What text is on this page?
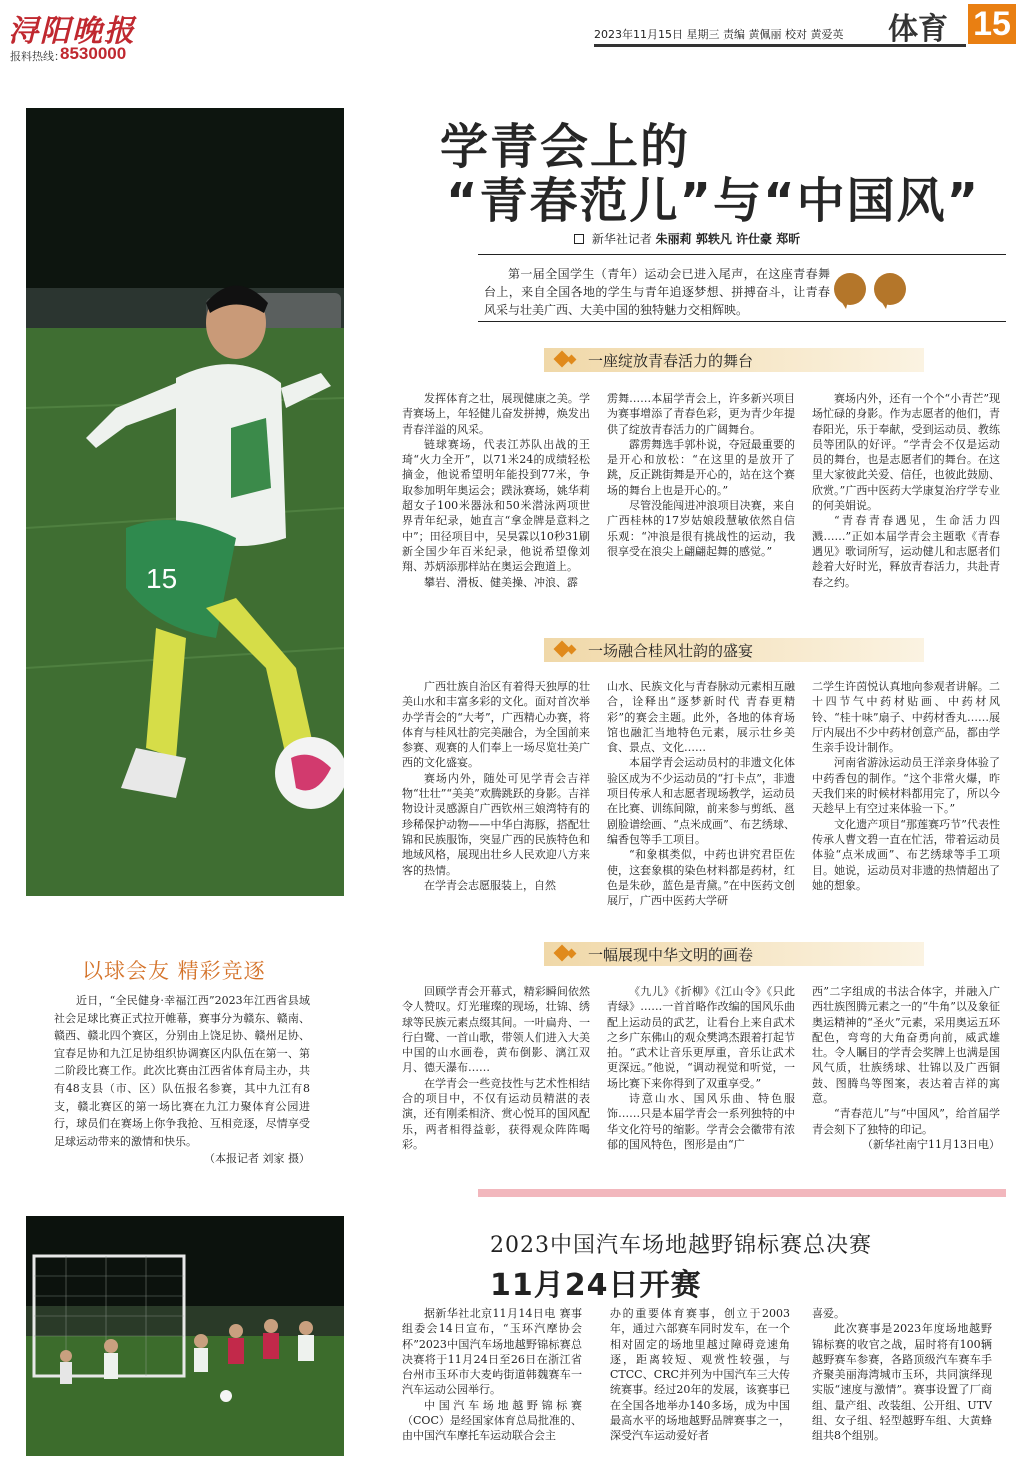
浔阳晚报
报料热线：
8530000
2023年11月15日 星期三 责编 黄佩丽 校对 黄爱英 体育 15
15
以球会友 精彩竞逐
近日，“全民健身·幸福江西”2023年江西省县域社会足球比赛正式拉开帷幕，赛事分为赣东、赣南、赣西、赣北四个赛区，分别由上饶足协、赣州足协、宜春足协和九江足协组织协调赛区内队伍在第一、第二阶段比赛工作。此次比赛由江西省体育局主办，共有48支县（市、区）队伍报名参赛，其中九江有8支，赣北赛区的第一场比赛在九江力聚体育公园进行，球员们在赛场上你争我抢、互相竞逐，尽情享受足球运动带来的激情和快乐。
（本报记者 刘家 摄）
学青会上的
“青春范儿”与“中国风”
新华社记者 朱丽莉 郭轶凡 许仕豪 郑昕
第一届全国学生（青年）运动会已进入尾声，在这座青春舞台上，来自全国各地的学生与青年追逐梦想、拼搏奋斗，让青春风采与壮美广西、大美中国的独特魅力交相辉映。
一座绽放青春活力的舞台

发挥体育之壮，展现健康之美。学青赛场上，年轻健儿奋发拼搏，焕发出青春洋溢的风采。

链球赛场，代表江苏队出战的王琦“火力全开”，以71米24的成绩轻松摘金，他说希望明年能投到77米，争取参加明年奥运会；蹼泳赛场，姚华莉超女子100米器泳和50米潜泳两项世界青年纪录，她直言“拿金牌是意料之中”；田径项目中，吴昊霖以10秒31刷新全国少年百米纪录，他说希望像刘翔、苏炳添那样站在奥运会跑道上。

攀岩、滑板、健美操、冲浪、霹

雳舞……本届学青会上，许多新兴项目为赛事增添了青春色彩，更为青少年提供了绽放青春活力的广阔舞台。

霹雳舞选手郭朴说，夺冠最重要的是开心和放松：“在这里的是放开了跳，反正跳街舞是开心的，站在这个赛场的舞台上也是开心的。”

尽管没能闯进冲浪项目决赛，来自广西桂林的17岁姑娘段慧敏依然自信乐观：“冲浪是很有挑战性的运动，我很享受在浪尖上翩翩起舞的感觉。”

赛场内外，还有一个个“小青芒”现场忙碌的身影。作为志愿者的他们，青春阳光，乐于奉献，受到运动员、教练员等团队的好评。“学青会不仅是运动员的舞台，也是志愿者们的舞台。在这里大家彼此关爱、信任，也彼此鼓励、欣赏。”广西中医药大学康复治疗学专业的何美娟说。

“青春青春遇见，生命活力四溅……”正如本届学青会主题歌《青春遇见》歌词所写，运动健儿和志愿者们趁着大好时光，释放青春活力，共赴青春之约。

一场融合桂风壮韵的盛宴

广西壮族自治区有着得天独厚的壮美山水和丰富多彩的文化。面对首次举办学青会的“大考”，广西精心办赛，将体育与桂风壮韵完美融合，为全国前来参赛、观赛的人们奉上一场尽览壮美广西的文化盛宴。

赛场内外，随处可见学青会吉祥物“壮壮”“美美”欢腾跳跃的身影。吉祥物设计灵感源自广西钦州三娘湾特有的珍稀保护动物——中华白海豚，搭配壮锦和民族服饰，突显广西的民族特色和地域风格，展现出壮乡人民欢迎八方来客的热情。

在学青会志愿服装上，自然

山水、民族文化与青春脉动元素相互融合，诠释出“逐梦新时代 青春更精彩”的赛会主题。此外，各地的体育场馆也融汇当地特色元素，展示壮乡美食、景点、文化……

本届学青会运动员村的非遗文化体验区成为不少运动员的“打卡点”，非遗项目传承人和志愿者现场教学，运动员在比赛、训练间隙，前来参与剪纸、邕剧脸谱绘画、“点米成画”、布艺绣球、编香包等手工项目。

“和象棋类似，中药也讲究君臣佐使，这套象棋的染色材料都是药材，红色是朱砂，蓝色是青黛。”在中医药文创展厅，广西中医药大学研

二学生许茵悦认真地向参观者讲解。二十四节气中药材贴画、中药材风铃、“桂十味”扇子、中药材香丸……展厅内展出不少中药材创意产品，都由学生亲手设计制作。

河南省游泳运动员王洋亲身体验了中药香包的制作。“这个非常火爆，昨天我们来的时候材料都用完了，所以今天趁早上有空过来体验一下。”

文化遗产项目“那莲赛巧节”代表性传承人曹文碧一直在忙活，带着运动员体验“点米成画”、布艺绣球等手工项目。她说，运动员对非遗的热情超出了她的想象。

一幅展现中华文明的画卷

回顾学青会开幕式，精彩瞬间依然令人赞叹。灯光璀璨的现场，壮锦、绣球等民族元素点缀其间。一叶扁舟、一行白鹭、一首山歌，带领人们进入大美中国的山水画卷，黄布倒影、漓江双月、德天瀑布……

在学青会一些竞技性与艺术性相结合的项目中，不仅有运动员精湛的表演，还有刚柔相济、赏心悦耳的国风配乐，两者相得益彰，获得观众阵阵喝彩。

《九儿》《折柳》《江山令》《只此青绿》……一首首略作改编的国风乐曲配上运动员的武艺，让看台上来自武术之乡广东佛山的观众樊鸿杰跟着打起节拍。“武术让音乐更厚重，音乐让武术更深远。”他说，“调动视觉和听觉，一场比赛下来你得到了双重享受。”

诗意山水、国风乐曲、特色服饰……只是本届学青会一系列独特的中华文化符号的缩影。学青会会徽带有浓郁的国风特色，图形是由“广

西”二字组成的书法合体字，并融入广西壮族图腾元素之一的“牛角”以及象征奥运精神的“圣火”元素，采用奥运五环配色，弯弯的大角奋勇向前，威武雄壮。令人瞩目的学青会奖牌上也满是国风气质，壮族绣球、壮锦以及广西铜鼓、图腾鸟等图案，表达着吉祥的寓意。

“青春范儿”与“中国风”，给首届学青会刻下了独特的印记。

（新华社南宁11月13日电）

2023中国汽车场地越野锦标赛总决赛
11月24日开赛

据新华社北京11月14日电 赛事组委会14日宣布，“玉环汽摩协会杯”2023中国汽车场地越野锦标赛总决赛将于11月24日至26日在浙江省台州市玉环市大麦屿街道韩魏赛车一汽车运动公园举行。

中国汽车场地越野锦标赛（COC）是经国家体育总局批准的、由中国汽车摩托车运动联合会主

办的重要体育赛事，创立于2003年，通过六部赛车同时发车，在一个相对固定的场地里越过障碍竞速角逐，距离较短、观赏性较强，与CTCC、CRC并列为中国汽车三大传统赛事。经过20年的发展，该赛事已在全国各地举办140多场，成为中国最高水平的场地越野品牌赛事之一，深受汽车运动爱好者

喜爱。

此次赛事是2023年度场地越野锦标赛的收官之战，届时将有100辆越野赛车参赛，各路顶级汽车赛车手齐聚美丽海湾城市玉环，共同演绎现实版“速度与激情”。赛事设置了厂商组、量产组、改装组、公开组、UTV组、女子组、轻型越野车组、大黄蜂组共8个组别。
